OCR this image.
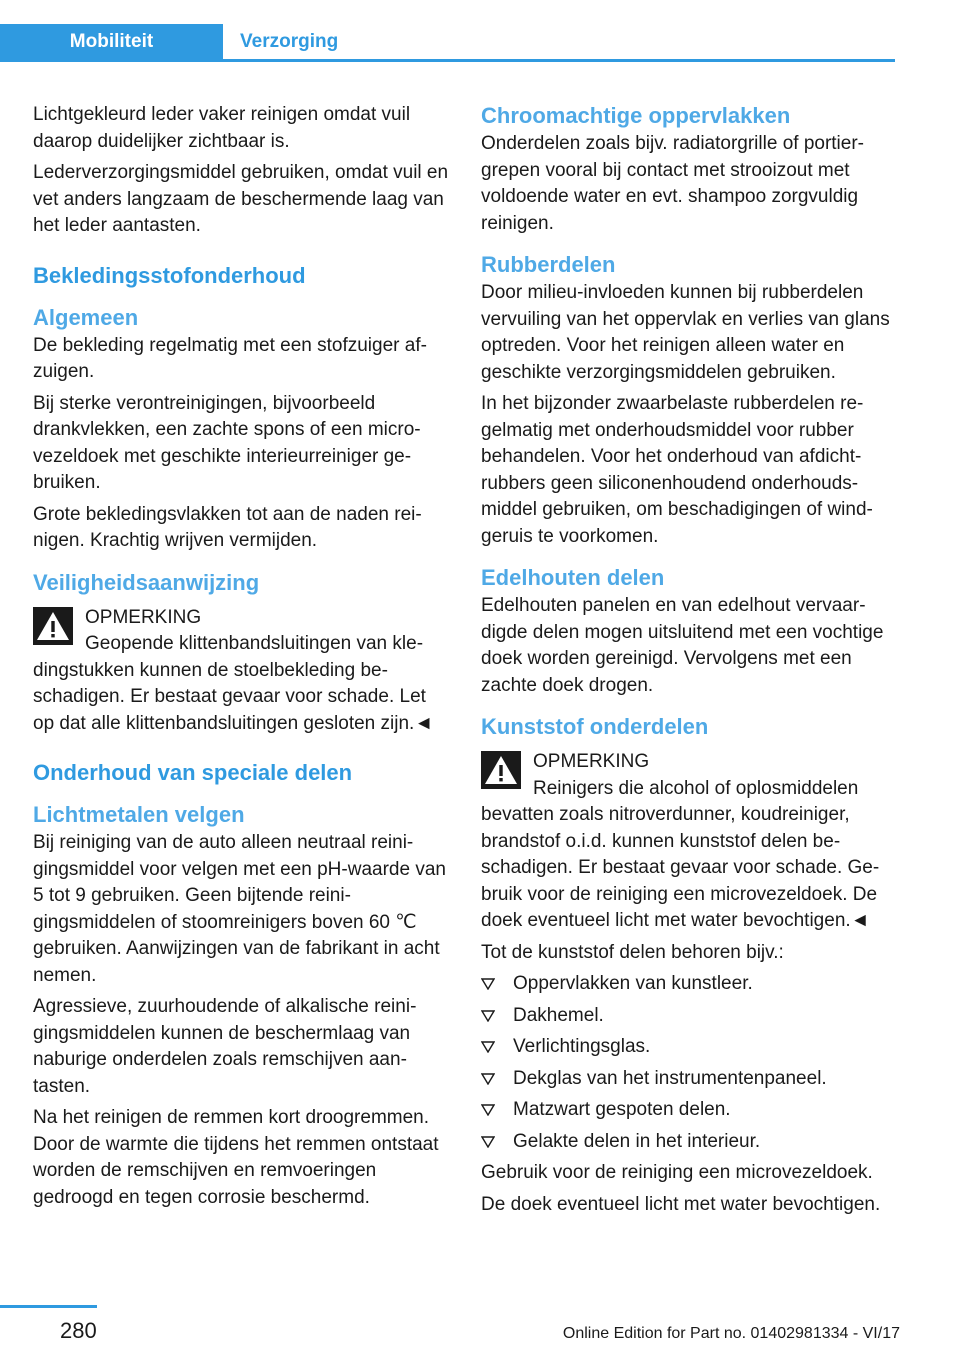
Mobiliteit	Verzorging

Lichtgekleurd leder vaker reinigen omdat vuil daarop duidelijker zichtbaar is.

Lederverzorgingsmiddel gebruiken, omdat vuil en vet anders langzaam de beschermende laag van het leder aantasten.

Bekledingsstofonderhoud
Algemeen

De bekleding regelmatig met een stofzuiger afzuigen.

Bij sterke verontreinigingen, bijvoorbeeld drankvlekken, een zachte spons of een microvezeldoek met geschikte interieurreiniger gebruiken.

Grote bekledingsvlakken tot aan de naden reinigen. Krachtig wrijven vermijden.

Veiligheidsaanwijzing
OPMERKING
Geopende klittenbandsluitingen van kledingstukken kunnen de stoelbekleding beschadigen. Er bestaat gevaar voor schade. Let op dat alle klittenbandsluitingen gesloten zijn.◄
Onderhoud van speciale delen
Lichtmetalen velgen

Bij reiniging van de auto alleen neutraal reinigingsmiddel voor velgen met een pH-waarde van 5 tot 9 gebruiken. Geen bijtende reinigingsmiddelen of stoomreinigers boven 60 ℃ gebruiken. Aanwijzingen van de fabrikant in acht nemen.

Agressieve, zuurhoudende of alkalische reinigingsmiddelen kunnen de beschermlaag van naburige onderdelen zoals remschijven aantasten.

Na het reinigen de remmen kort droogremmen. Door de warmte die tijdens het remmen ontstaat worden de remschijven en remvoeringen gedroogd en tegen corrosie beschermd.

Chroomachtige oppervlakken

Onderdelen zoals bijv. radiatorgrille of portiergrepen vooral bij contact met strooizout met voldoende water en evt. shampoo zorgvuldig reinigen.

Rubberdelen

Door milieu-invloeden kunnen bij rubberdelen vervuiling van het oppervlak en verlies van glans optreden. Voor het reinigen alleen water en geschikte verzorgingsmiddelen gebruiken.

In het bijzonder zwaarbelaste rubberdelen regelmatig met onderhoudsmiddel voor rubber behandelen. Voor het onderhoud van afdichtrubbers geen siliconenhoudend onderhoudsmiddel gebruiken, om beschadigingen of windgeruis te voorkomen.

Edelhouten delen

Edelhouten panelen en van edelhout vervaardigde delen mogen uitsluitend met een vochtige doek worden gereinigd. Vervolgens met een zachte doek drogen.

Kunststof onderdelen
OPMERKING
Reinigers die alcohol of oplosmiddelen bevatten zoals nitroverdunner, koudreiniger, brandstof o.i.d. kunnen kunststof delen beschadigen. Er bestaat gevaar voor schade. Gebruik voor de reiniging een microvezeldoek. De doek eventueel licht met water bevochtigen.◄

Tot de kunststof delen behoren bijv.:

Oppervlakken van kunstleer.
Dakhemel.
Verlichtingsglas.
Dekglas van het instrumentenpaneel.
Matzwart gespoten delen.
Gelakte delen in het interieur.

Gebruik voor de reiniging een microvezeldoek.

De doek eventueel licht met water bevochtigen.

280	Online Edition for Part no. 01402981334 - VI/17
